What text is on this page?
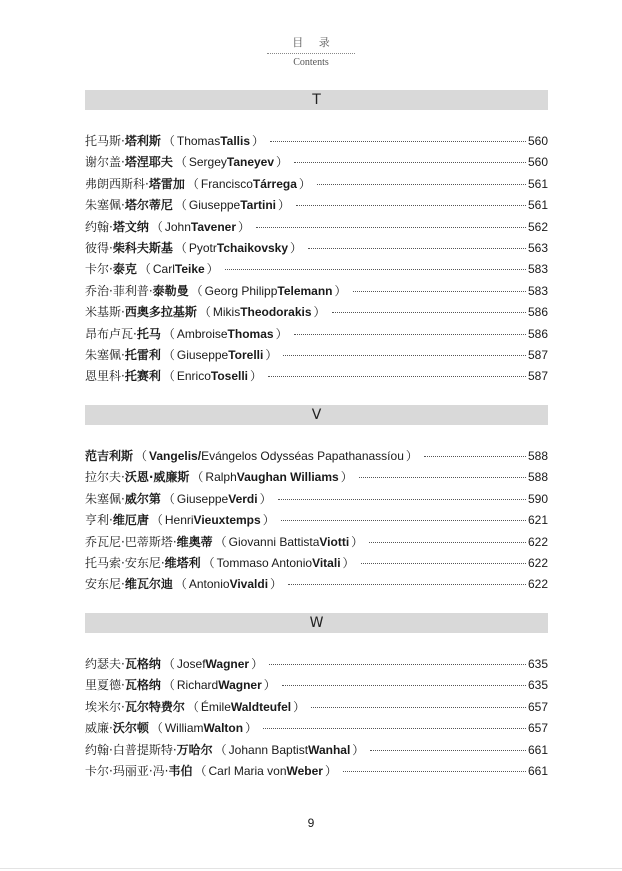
目 录
Contents
T
托马斯· 塔利斯 （ Thomas Tallis ）	560
谢尔盖· 塔涅耶夫 （ Sergey Taneyev ）	560
弗朗西斯科· 塔雷加 （ Francisco Tárrega ）	561
朱塞佩· 塔尔蒂尼 （ Giuseppe Tartini ）	561
约翰· 塔文纳 （ John Tavener ）	562
彼得· 柴科夫斯基 （ Pyotr Tchaikovsky ）	563
卡尔· 泰克 （ Carl Teike ）	583
乔治·菲利普· 泰勒曼 （ Georg Philipp Telemann ）	583
米基斯· 西奥多拉基斯 （ Mikis Theodorakis ）	586
昂布卢瓦· 托马 （ Ambroise Thomas ）	586
朱塞佩· 托雷利 （ Giuseppe Torelli ）	587
恩里科· 托赛利 （ Enrico Toselli ）	587
V
范吉利斯 （ Vangelis/ Evángelos Odysséas Papathanassíou ）	588
拉尔夫· 沃恩·威廉斯 （ Ralph Vaughan Williams ）	588
朱塞佩· 威尔第 （ Giuseppe Verdi ）	590
亨利· 维厄唐 （ Henri Vieuxtemps ）	621
乔瓦尼·巴蒂斯塔· 维奥蒂 （ Giovanni Battista Viotti ）	622
托马索·安东尼· 维塔利 （ Tommaso Antonio Vitali ）	622
安东尼· 维瓦尔迪 （ Antonio Vivaldi ）	622
W
约瑟夫· 瓦格纳 （ Josef Wagner ）	635
里夏德· 瓦格纳 （ Richard Wagner ）	635
埃米尔· 瓦尔特费尔 （ Émile Waldteufel ）	657
威廉· 沃尔顿 （ William Walton ）	657
约翰·白普提斯特· 万哈尔 （ Johann Baptist Wanhal ）	661
卡尔·玛丽亚·冯· 韦伯 （ Carl Maria von Weber ）	661
9
